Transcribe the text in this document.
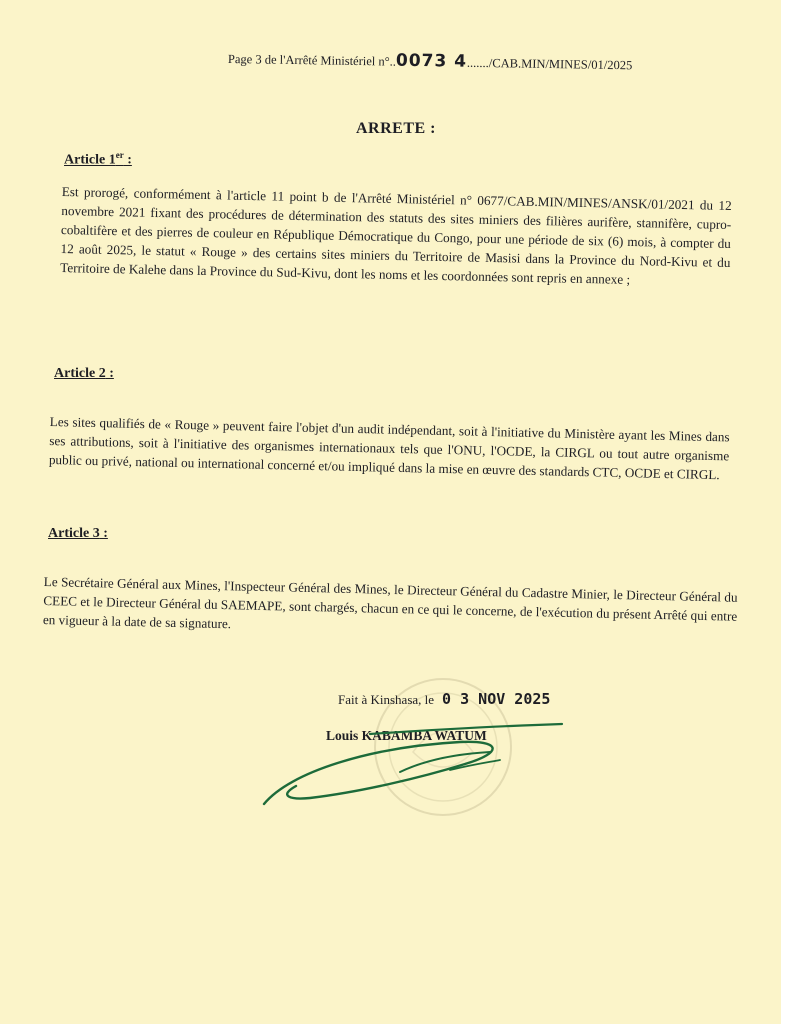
Page 3 de l'Arrêté Ministériel n°..0073 4......./CAB.MIN/MINES/01/2025
ARRETE :
Article 1er :
Est prorogé, conformément à l'article 11 point b de l'Arrêté Ministériel n° 0677/CAB.MIN/MINES/ANSK/01/2021 du 12 novembre 2021 fixant des procédures de détermination des statuts des sites miniers des filières aurifère, stannifère, cupro-cobaltifère et des pierres de couleur en République Démocratique du Congo, pour une période de six (6) mois, à compter du 12 août 2025, le statut « Rouge » des certains sites miniers du Territoire de Masisi dans la Province du Nord-Kivu et du Territoire de Kalehe dans la Province du Sud-Kivu, dont les noms et les coordonnées sont repris en annexe ;
Article 2 :
Les sites qualifiés de « Rouge » peuvent faire l'objet d'un audit indépendant, soit à l'initiative du Ministère ayant les Mines dans ses attributions, soit à l'initiative des organismes internationaux tels que l'ONU, l'OCDE, la CIRGL ou tout autre organisme public ou privé, national ou international concerné et/ou impliqué dans la mise en œuvre des standards CTC, OCDE et CIRGL.
Article 3 :
Le Secrétaire Général aux Mines, l'Inspecteur Général des Mines, le Directeur Général du Cadastre Minier, le Directeur Général du CEEC et le Directeur Général du SAEMAPE, sont chargés, chacun en ce qui le concerne, de l'exécution du présent Arrêté qui entre en vigueur à la date de sa signature.
Fait à Kinshasa, le 0 3 NOV 2025
Louis KABAMBA WATUM
